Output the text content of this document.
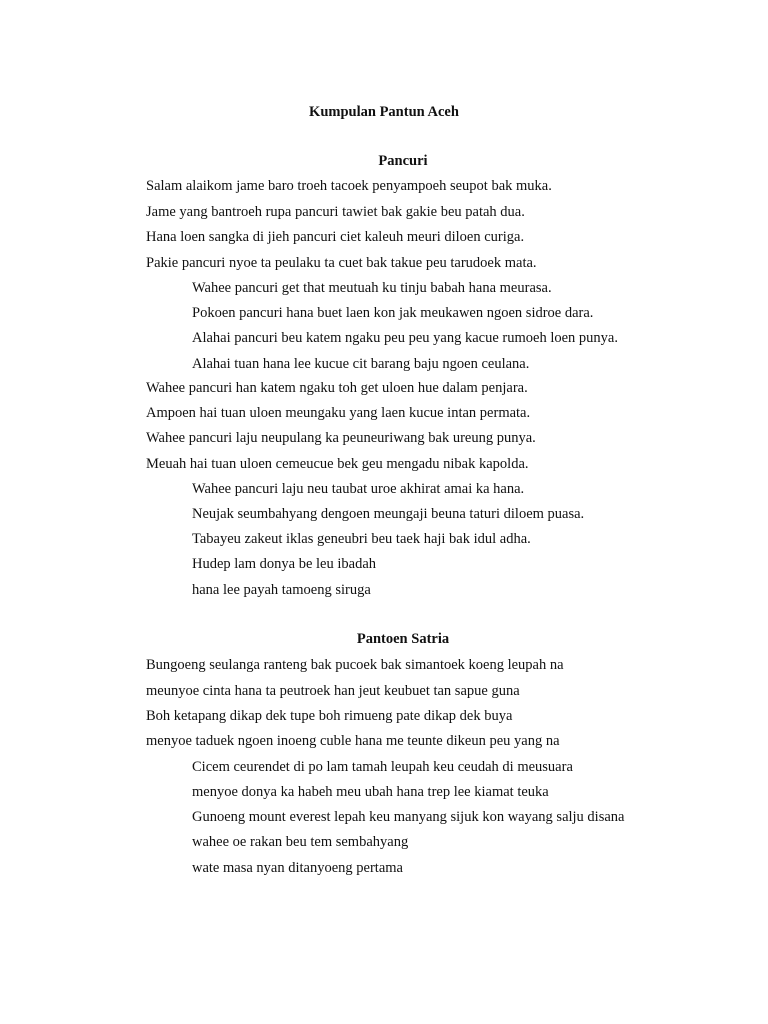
Kumpulan Pantun Aceh
Pancuri
Salam alaikom jame baro troeh tacoek penyampoeh seupot bak muka.
Jame yang bantroeh rupa pancuri tawiet bak gakie beu patah dua.
Hana loen sangka di jieh pancuri ciet kaleuh meuri diloen curiga.
Pakie pancuri nyoe ta peulaku ta cuet bak takue peu tarudoek mata.
Wahee pancuri get that meutuah ku tinju babah hana meurasa.
Pokoen pancuri hana buet laen kon jak meukawen ngoen sidroe dara.
Alahai pancuri beu katem ngaku peu peu yang kacue rumoeh loen punya.
Alahai tuan hana lee kucue cit barang baju ngoen ceulana.
Wahee pancuri han katem ngaku toh get uloen hue dalam penjara.
Ampoen hai tuan uloen meungaku yang laen kucue intan permata.
Wahee pancuri laju neupulang ka peuneuriwang bak ureung punya.
Meuah hai tuan uloen cemeucue bek geu mengadu nibak kapolda.
Wahee pancuri laju neu taubat uroe akhirat amai ka hana.
Neujak seumbahyang dengoen meungaji beuna taturi diloem puasa.
Tabayeu zakeut iklas geneubri beu taek haji bak idul adha.
Hudep lam donya be leu ibadah
hana lee payah tamoeng siruga
Pantoen Satria
Bungoeng seulanga ranteng bak pucoek bak simantoek koeng leupah na
meunyoe cinta hana ta peutroek han jeut keubuet tan sapue guna
Boh ketapang dikap dek tupe boh rimueng pate dikap dek buya
menyoe taduek ngoen inoeng cuble hana me teunte dikeun peu yang na
Cicem ceurendet di po lam tamah leupah keu ceudah di meusuara
menyoe donya ka habeh meu ubah hana trep lee kiamat teuka
Gunoeng mount everest lepah keu manyang sijuk kon wayang salju disana
wahee oe rakan beu tem sembahyang
wate masa nyan ditanyoeng pertama
